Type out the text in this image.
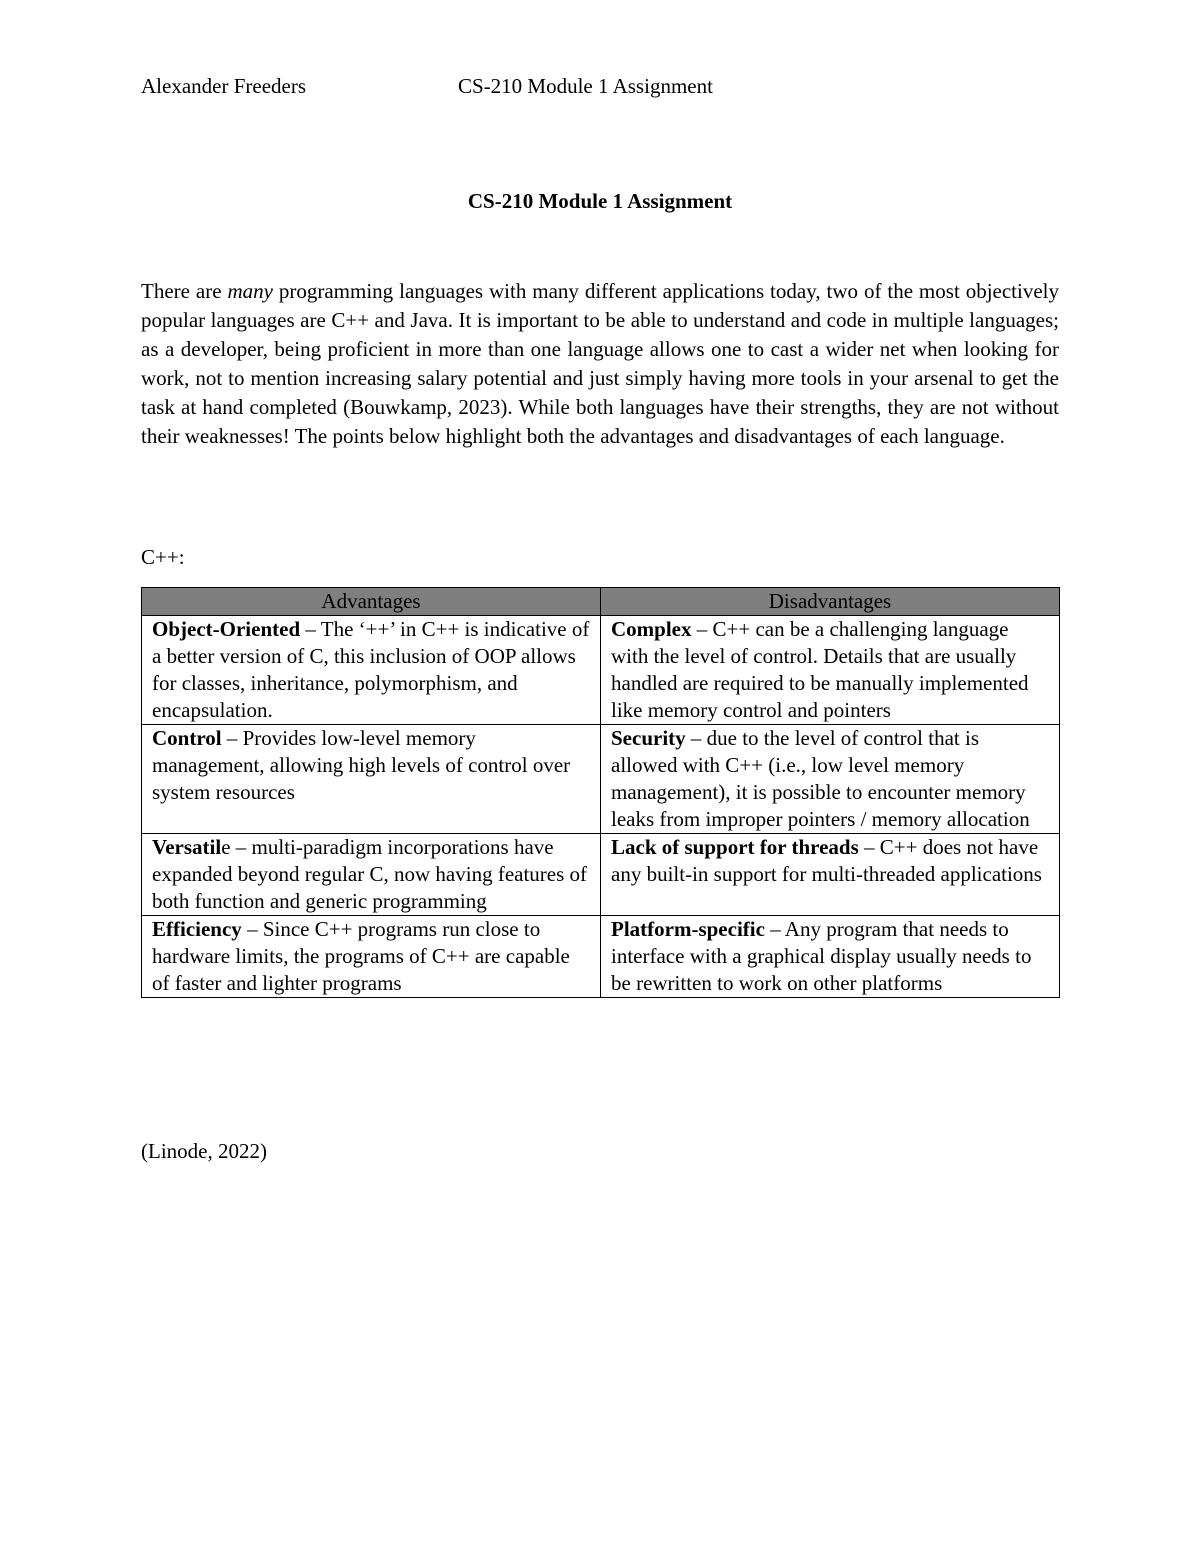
Alexander Freeders	CS-210 Module 1 Assignment
CS-210 Module 1 Assignment

There are many programming languages with many different applications today, two of the most objectively popular languages are C++ and Java. It is important to be able to understand and code in multiple languages; as a developer, being proficient in more than one language allows one to cast a wider net when looking for work, not to mention increasing salary potential and just simply having more tools in your arsenal to get the task at hand completed (Bouwkamp, 2023). While both languages have their strengths, they are not without their weaknesses! The points below highlight both the advantages and disadvantages of each language.

C++:
Advantages	Disadvantages
Object-Oriented – The ‘++’ in C++ is indicative of a better version of C, this inclusion of OOP allows for classes, inheritance, polymorphism, and encapsulation.	Complex – C++ can be a challenging language with the level of control. Details that are usually handled are required to be manually implemented like memory control and pointers
Control – Provides low-level memory management, allowing high levels of control over system resources	Security – due to the level of control that is allowed with C++ (i.e., low level memory management), it is possible to encounter memory leaks from improper pointers / memory allocation
Versatile – multi-paradigm incorporations have expanded beyond regular C, now having features of both function and generic programming	Lack of support for threads – C++ does not have any built-in support for multi-threaded applications
Efficiency – Since C++ programs run close to hardware limits, the programs of C++ are capable of faster and lighter programs	Platform-specific – Any program that needs to interface with a graphical display usually needs to be rewritten to work on other platforms
(Linode, 2022)
